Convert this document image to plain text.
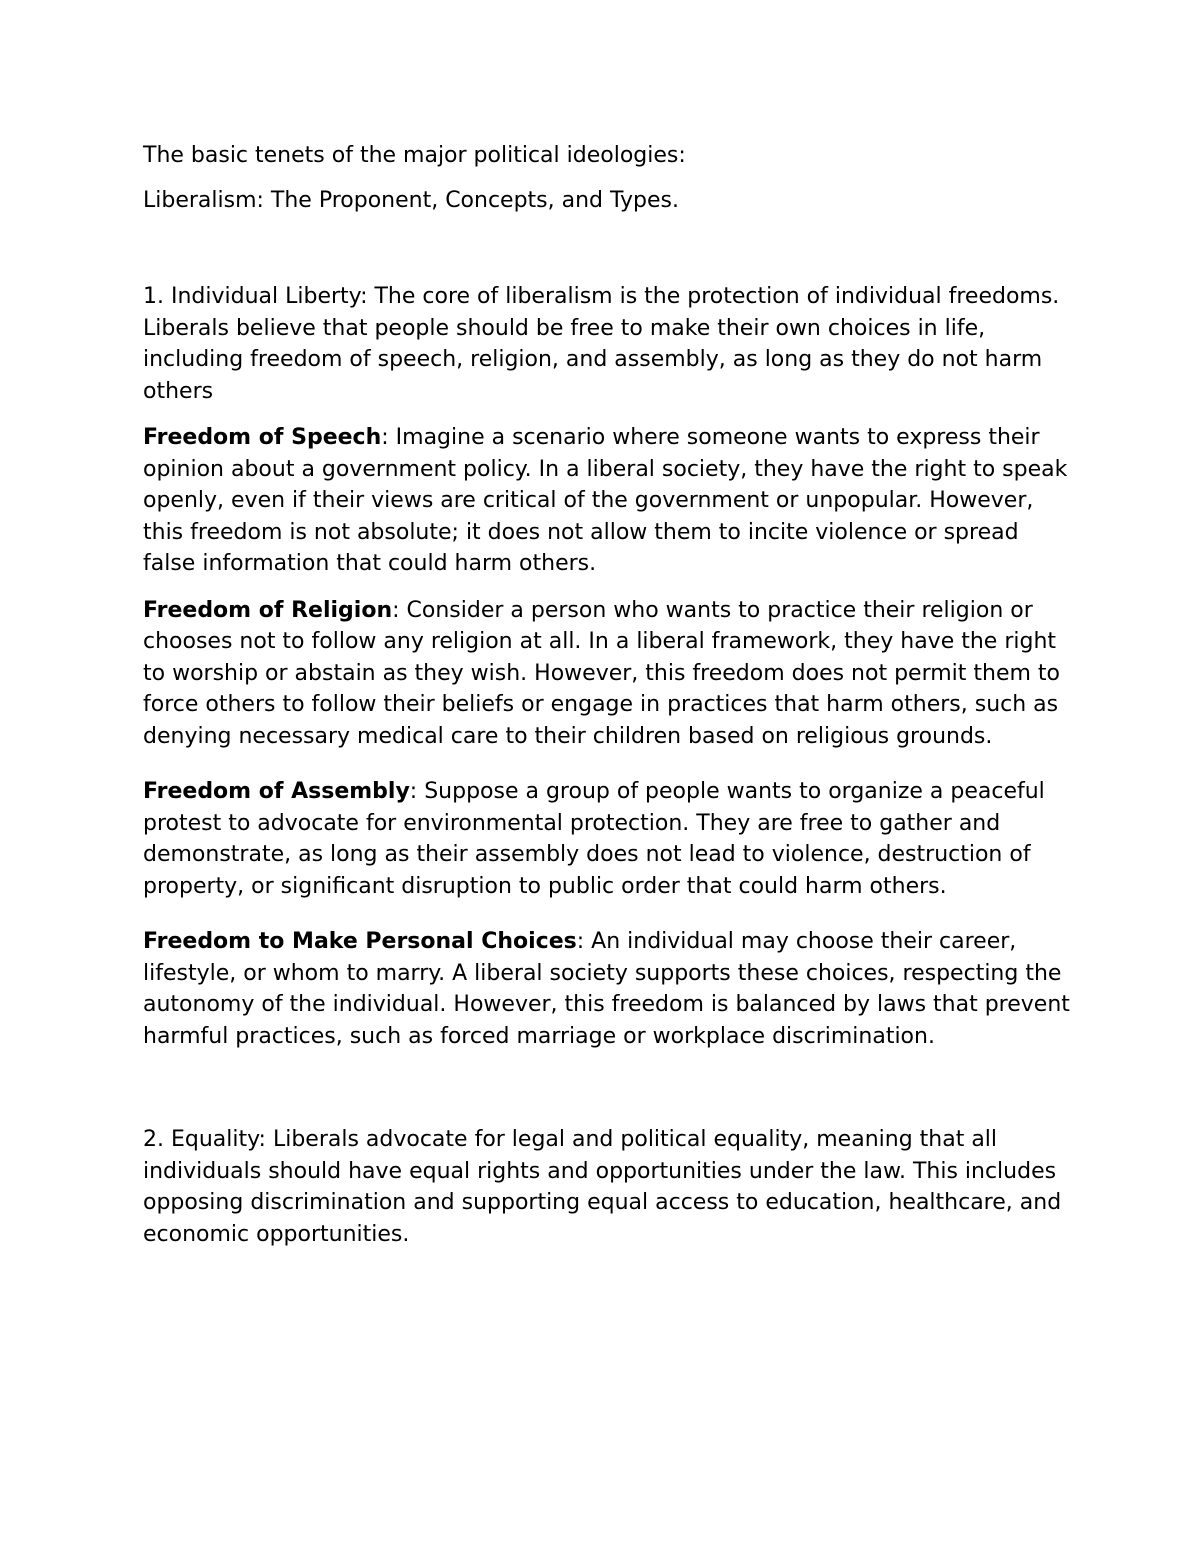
The basic tenets of the major political ideologies:

Liberalism: The Proponent, Concepts, and Types.

1. Individual Liberty: The core of liberalism is the protection of individual freedoms. Liberals believe that people should be free to make their own choices in life, including freedom of speech, religion, and assembly, as long as they do not harm others

Freedom of Speech: Imagine a scenario where someone wants to express their opinion about a government policy. In a liberal society, they have the right to speak openly, even if their views are critical of the government or unpopular. However, this freedom is not absolute; it does not allow them to incite violence or spread false information that could harm others.

Freedom of Religion: Consider a person who wants to practice their religion or chooses not to follow any religion at all. In a liberal framework, they have the right to worship or abstain as they wish. However, this freedom does not permit them to force others to follow their beliefs or engage in practices that harm others, such as denying necessary medical care to their children based on religious grounds.

Freedom of Assembly: Suppose a group of people wants to organize a peaceful protest to advocate for environmental protection. They are free to gather and demonstrate, as long as their assembly does not lead to violence, destruction of property, or significant disruption to public order that could harm others.

Freedom to Make Personal Choices: An individual may choose their career, lifestyle, or whom to marry. A liberal society supports these choices, respecting the autonomy of the individual. However, this freedom is balanced by laws that prevent harmful practices, such as forced marriage or workplace discrimination.

2. Equality: Liberals advocate for legal and political equality, meaning that all individuals should have equal rights and opportunities under the law. This includes opposing discrimination and supporting equal access to education, healthcare, and economic opportunities.
